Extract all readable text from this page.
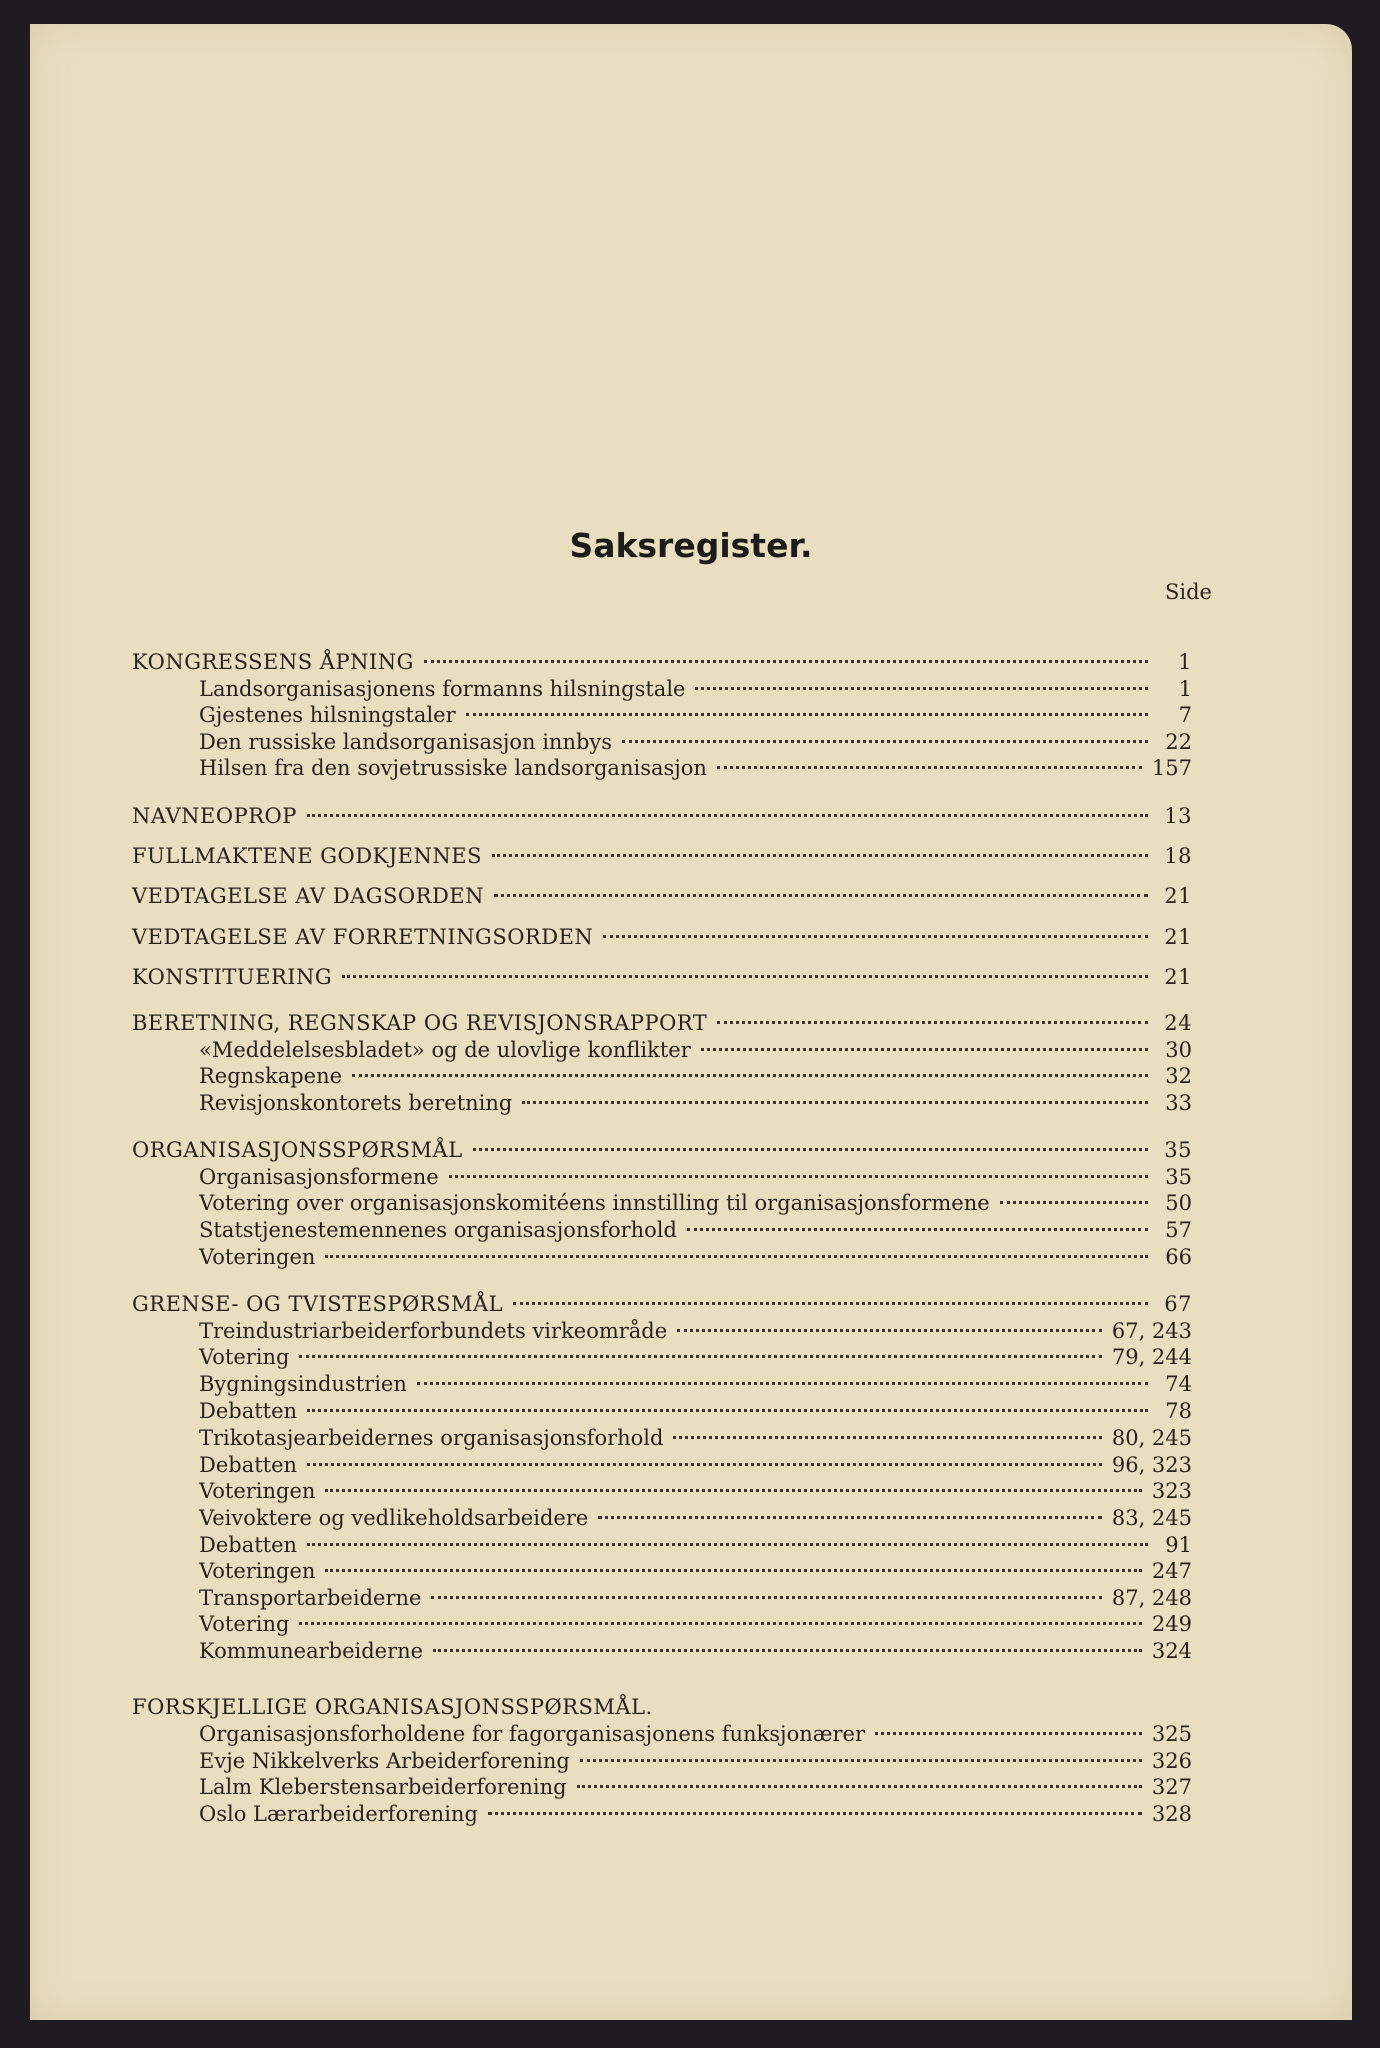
Saksregister.
Side
KONGRESSENS ÅPNING	1
Landsorganisasjonens formanns hilsningstale	1
Gjestenes hilsningstaler	7
Den russiske landsorganisasjon innbys	22
Hilsen fra den sovjetrussiske landsorganisasjon	157
NAVNEOPROP	13
FULLMAKTENE GODKJENNES	18
VEDTAGELSE AV DAGSORDEN	21
VEDTAGELSE AV FORRETNINGSORDEN	21
KONSTITUERING	21
BERETNING, REGNSKAP OG REVISJONSRAPPORT	24
«Meddelelsesbladet» og de ulovlige konflikter	30
Regnskapene	32
Revisjonskontorets beretning	33
ORGANISASJONSSPØRSMÅL	35
Organisasjonsformene	35
Votering over organisasjonskomitéens innstilling til organisasjonsformene	50
Statstjenestemennenes organisasjonsforhold	57
Voteringen	66
GRENSE- OG TVISTESPØRSMÅL	67
Treindustriarbeiderforbundets virkeområde	67, 243
Votering	79, 244
Bygningsindustrien	74
Debatten	78
Trikotasjearbeidernes organisasjonsforhold	80, 245
Debatten	96, 323
Voteringen	323
Veivoktere og vedlikeholdsarbeidere	83, 245
Debatten	91
Voteringen	247
Transportarbeiderne	87, 248
Votering	249
Kommunearbeiderne	324
FORSKJELLIGE ORGANISASJONSSPØRSMÅL.
Organisasjonsforholdene for fagorganisasjonens funksjonærer	325
Evje Nikkelverks Arbeiderforening	326
Lalm Kleberstensarbeiderforening	327
Oslo Lærarbeiderforening	328
